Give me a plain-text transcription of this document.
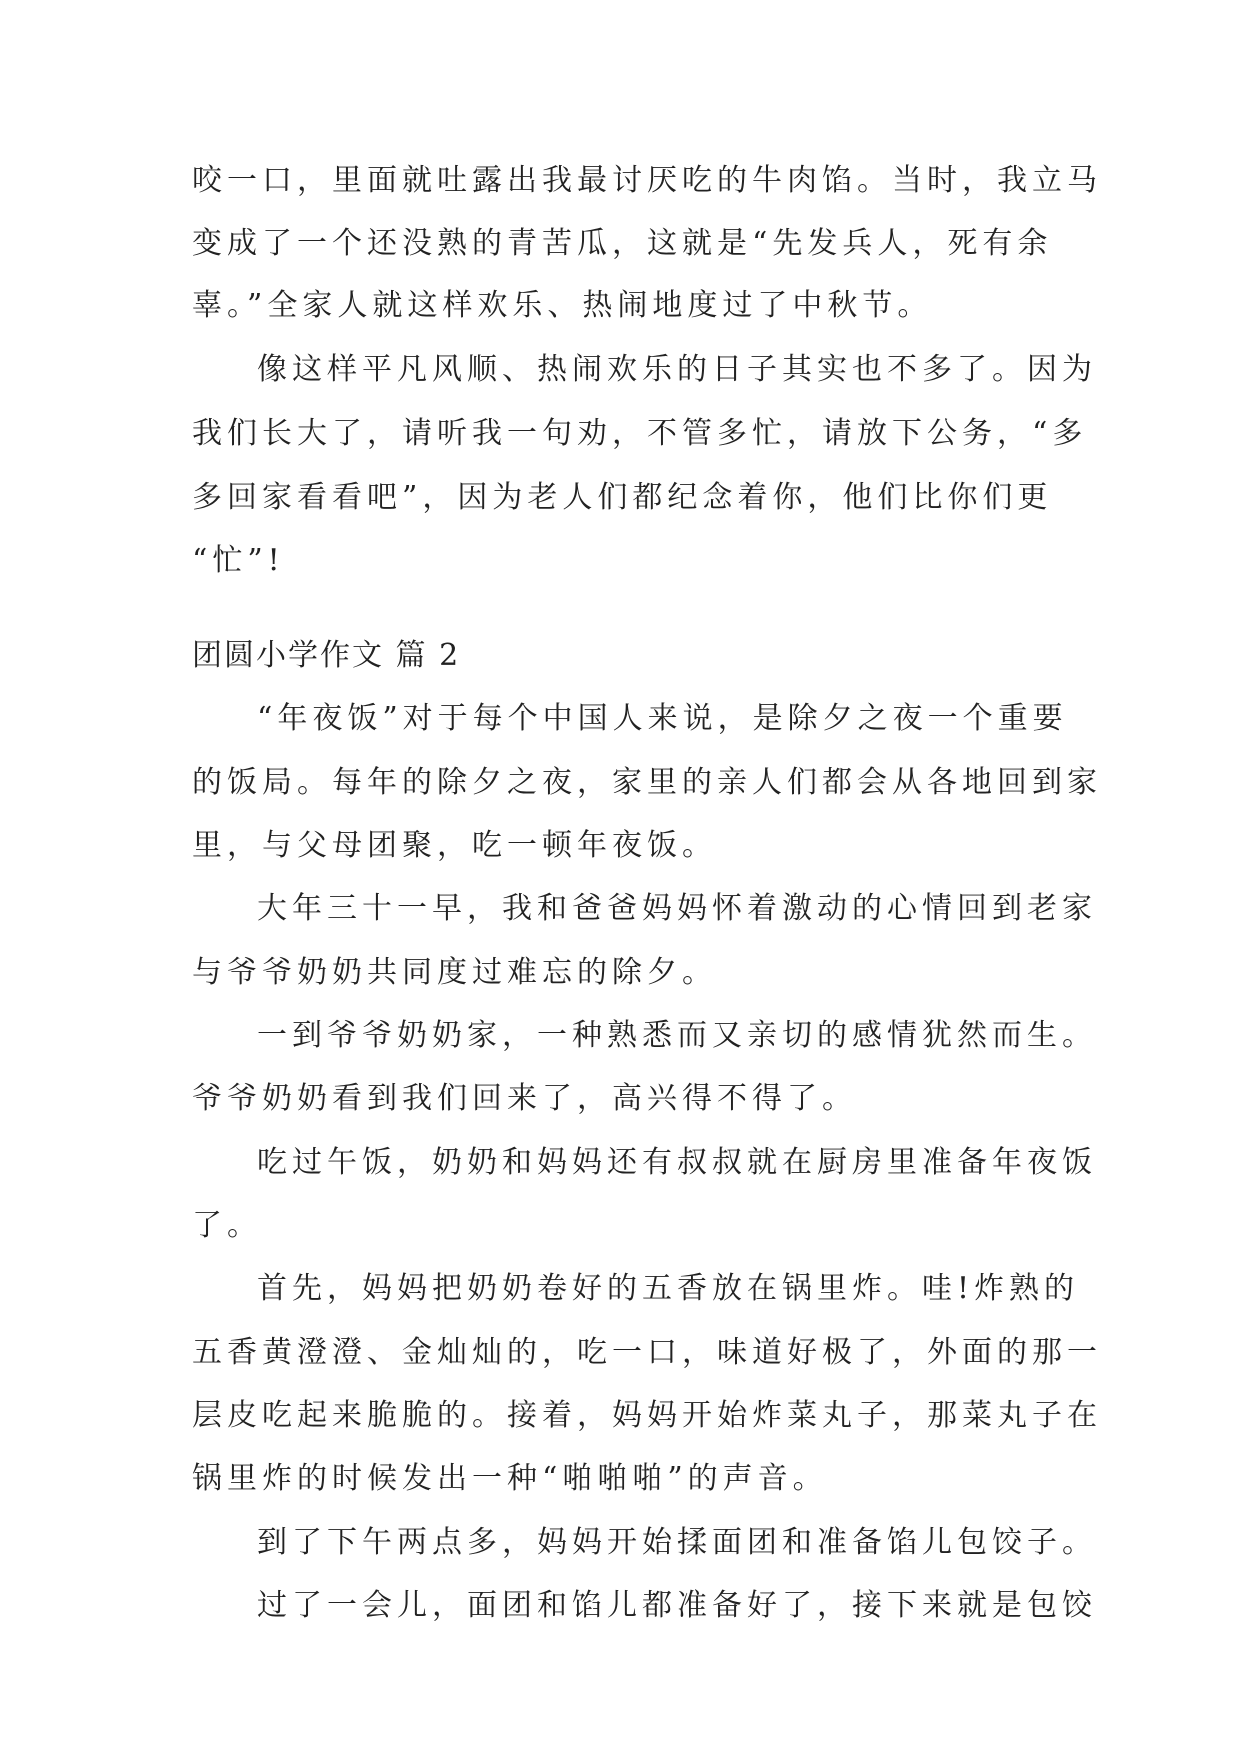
咬一口，里面就吐露出我最讨厌吃的牛肉馅。当时，我立马
变成了一个还没熟的青苦瓜，这就是“先发兵人，死有余
辜。”全家人就这样欢乐、热闹地度过了中秋节。
像这样平凡风顺、热闹欢乐的日子其实也不多了。因为
我们长大了，请听我一句劝，不管多忙，请放下公务，“多
多回家看看吧”，因为老人们都纪念着你，他们比你们更
“忙”!
团圆小学作文 篇 2
“年夜饭”对于每个中国人来说，是除夕之夜一个重要
的饭局。每年的除夕之夜，家里的亲人们都会从各地回到家
里，与父母团聚，吃一顿年夜饭。
大年三十一早，我和爸爸妈妈怀着激动的心情回到老家
与爷爷奶奶共同度过难忘的除夕。
一到爷爷奶奶家，一种熟悉而又亲切的感情犹然而生。
爷爷奶奶看到我们回来了，高兴得不得了。
吃过午饭，奶奶和妈妈还有叔叔就在厨房里准备年夜饭
了。
首先，妈妈把奶奶卷好的五香放在锅里炸。哇!炸熟的
五香黄澄澄、金灿灿的，吃一口，味道好极了，外面的那一
层皮吃起来脆脆的。接着，妈妈开始炸菜丸子，那菜丸子在
锅里炸的时候发出一种“啪啪啪”的声音。
到了下午两点多，妈妈开始揉面团和准备馅儿包饺子。
过了一会儿，面团和馅儿都准备好了，接下来就是包饺
